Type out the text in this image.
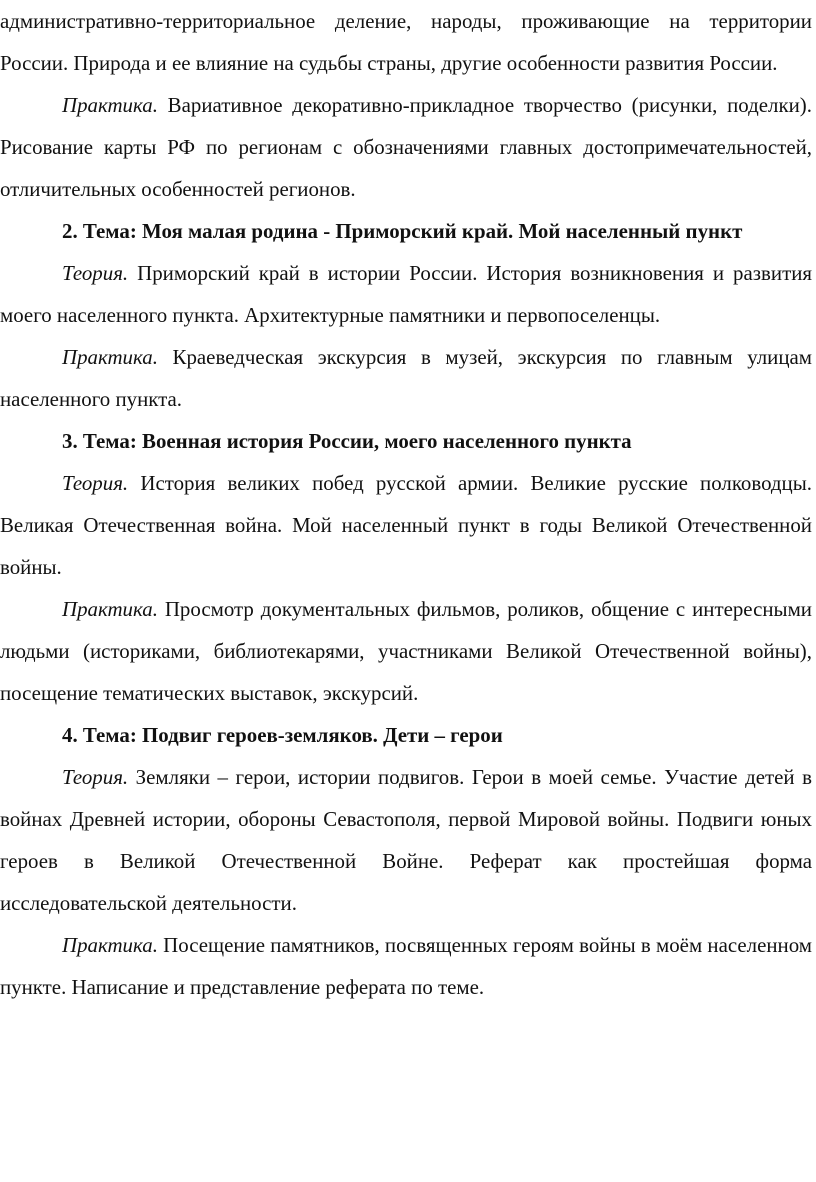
административно-территориальное деление, народы, проживающие на территории России. Природа и ее влияние на судьбы страны, другие особенности развития России.

Практика. Вариативное декоративно-прикладное творчество (рисунки, поделки). Рисование карты РФ по регионам с обозначениями главных достопримечательностей, отличительных особенностей регионов.

2. Тема: Моя малая родина - Приморский край. Мой населенный пункт

Теория. Приморский край в истории России. История возникновения и развития моего населенного пункта. Архитектурные памятники и первопоселенцы.

Практика. Краеведческая экскурсия в музей, экскурсия по главным улицам населенного пункта.

3. Тема: Военная история России, моего населенного пункта

Теория. История великих побед русской армии. Великие русские полководцы. Великая Отечественная война. Мой населенный пункт в годы Великой Отечественной войны.

Практика. Просмотр документальных фильмов, роликов, общение с интересными людьми (историками, библиотекарями, участниками Великой Отечественной войны), посещение тематических выставок, экскурсий.

4. Тема: Подвиг героев-земляков. Дети – герои

Теория. Земляки – герои, истории подвигов. Герои в моей семье. Участие детей в войнах Древней истории, обороны Севастополя, первой Мировой войны. Подвиги юных героев в Великой Отечественной Войне. Реферат как простейшая форма исследовательской деятельности.

Практика. Посещение памятников, посвященных героям войны в моём населенном пункте. Написание и представление реферата по теме.
